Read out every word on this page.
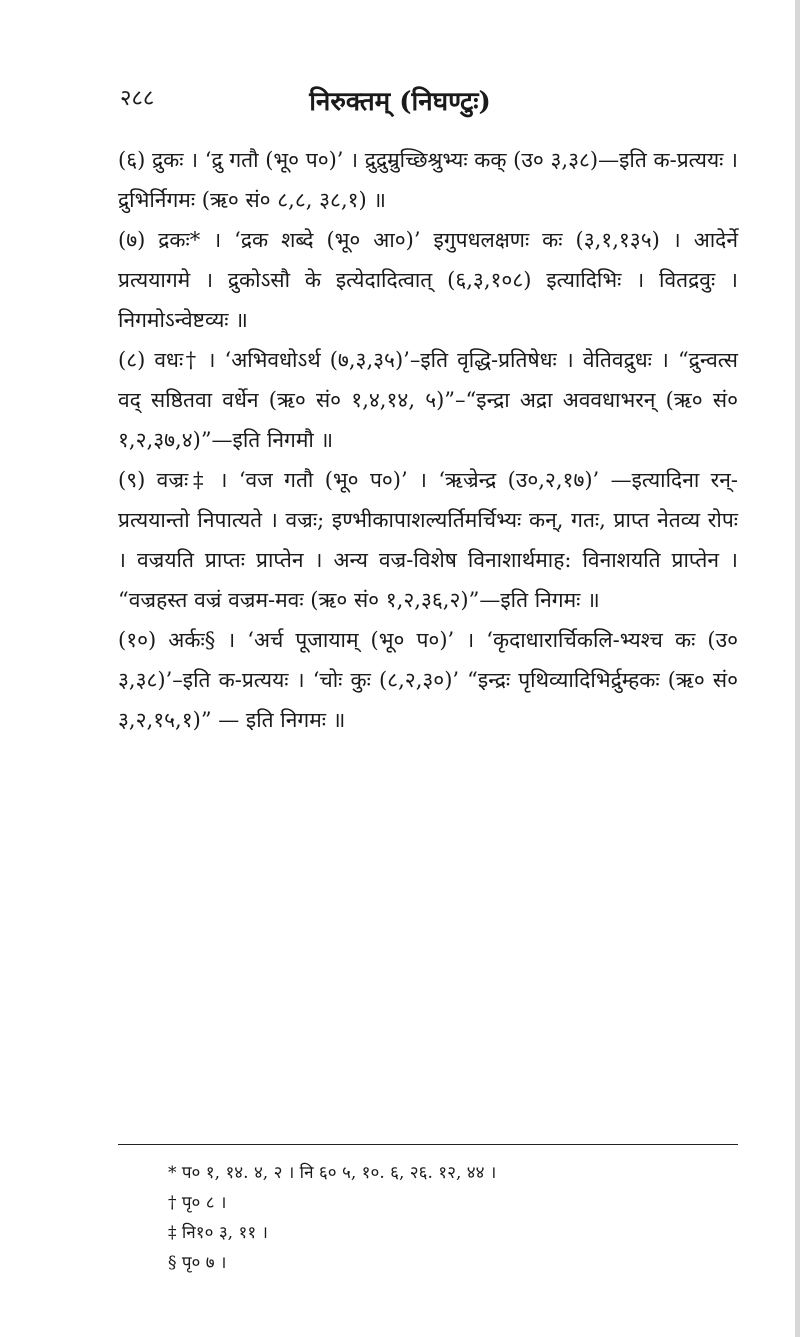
२८८	निरुक्तम् (निघण्टुः)

(६) द्रुकः । ‘द्रु गतौ (भू० प०)’ । द्रुद्रुम्रुच्छिश्रुभ्यः कक् (उ० ३,३८)—इति क-प्रत्ययः । द्रुभिर्निगमः (ऋ० सं० ८,८, ३८,१) ॥

(७) द्रकः* । ‘द्रक शब्दे (भू० आ०)’ इगुपधलक्षणः कः (३,१,१३५) । आदेर्ने प्रत्ययागमे । द्रुकोऽसौ के इत्येदादित्वात् (६,३,१०८) इत्यादिभिः । वितद्रवुः । निगमोऽन्वेष्टव्यः ॥

(८) वधः† । ‘अभिवधोऽर्थ (७,३,३५)’–इति वृद्धि-प्रतिषेधः । वेतिवद्रुधः । “द्रुन्वत्स वद् सष्ठितवा वर्धेन (ऋ० सं० १,४,१४, ५)”–“इन्द्रा अद्रा अववधाभरन् (ऋ० सं० १,२,३७,४)”—इति निगमौ ॥

(९) वज्रः‡ । ‘वज गतौ (भू० प०)’ । ‘ऋज्रेन्द्र (उ०,२,१७)’ —इत्यादिना रन्-प्रत्ययान्तो निपात्यते । वज्रः; इण्भीकापाशल्यर्तिमर्चिभ्यः कन्, गतः, प्राप्त नेतव्य रोपः । वज्रयति प्राप्तः प्राप्तेन । अन्य वज्र-विशेष विनाशार्थमाह: विनाशयति प्राप्तेन । “वज्रहस्त वज्रं वज्रम-मवः (ऋ० सं० १,२,३६,२)”—इति निगमः ॥

(१०) अर्कः§ । ‘अर्च पूजायाम् (भू० प०)’ । ‘कृदाधारार्चिकलि-भ्यश्च कः (उ० ३,३८)’–इति क-प्रत्ययः । ‘चोः कुः (८,२,३०)’ “इन्द्रः पृथिव्यादिभिर्द्रुम्हकः (ऋ० सं० ३,२,१५,१)” — इति निगमः ॥

* प० १, १४. ४, २ । नि ६० ५, १०. ६, २६. १२, ४४ ।
† पृ० ८ ।
‡ नि१० ३, ११ ।
§ पृ० ७ ।
